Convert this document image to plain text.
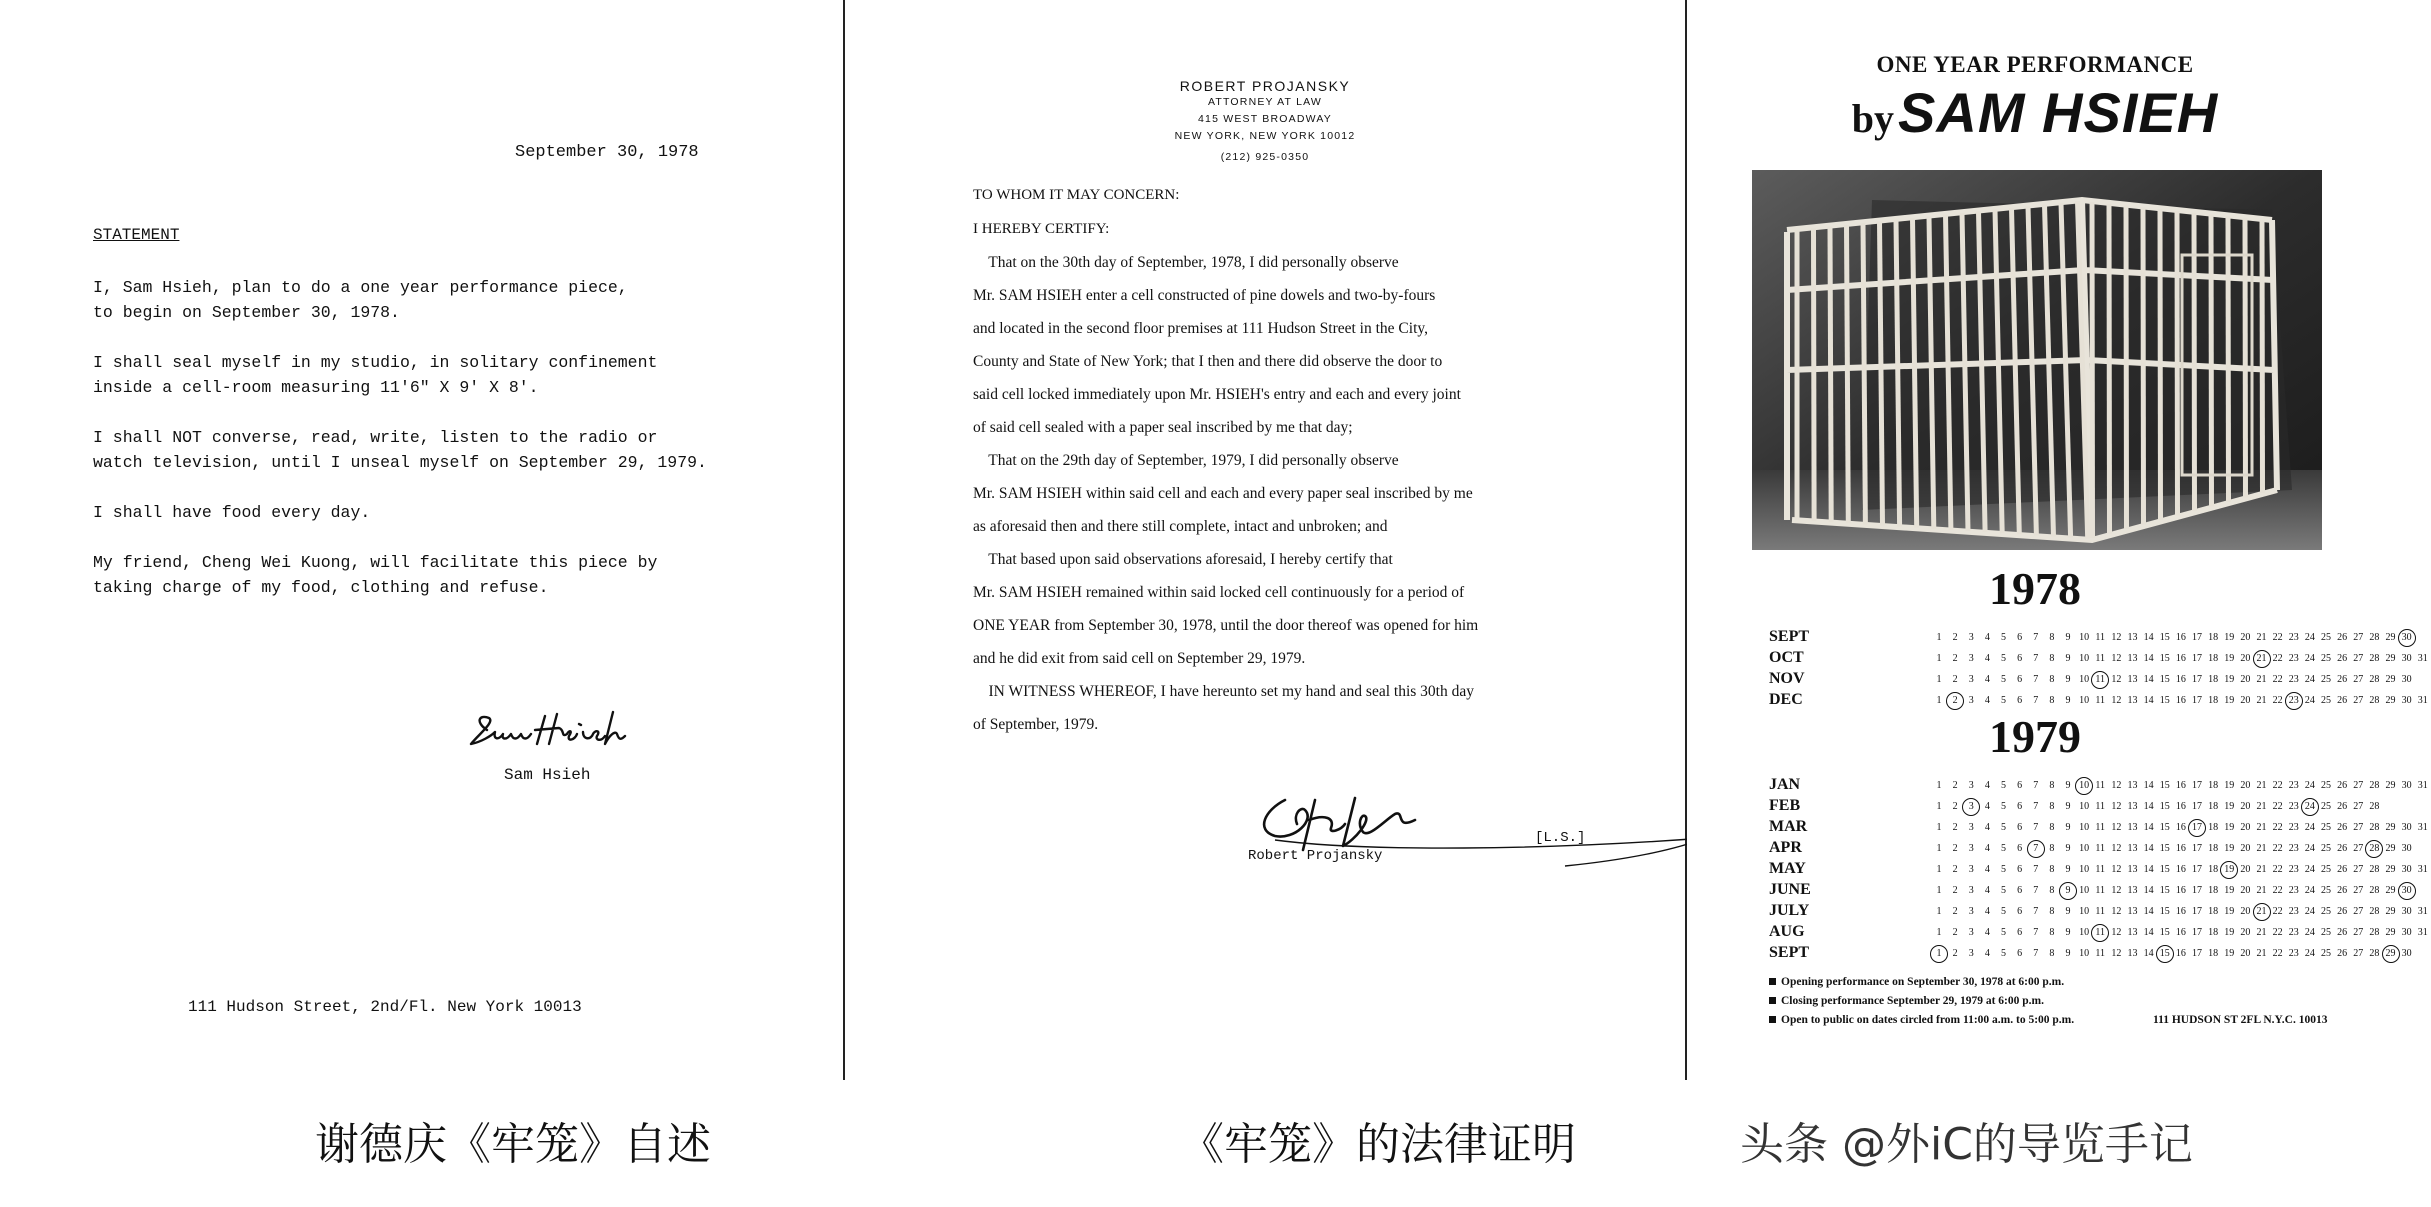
September 30, 1978
STATEMENT
I, Sam Hsieh, plan to do a one year performance piece,
to begin on September 30, 1978.
I shall seal myself in my studio, in solitary confinement
inside a cell-room measuring 11'6" X 9' X 8'.
I shall NOT converse, read, write, listen to the radio or
watch television, until I unseal myself on September 29, 1979.
I shall have food every day.
My friend, Cheng Wei Kuong, will facilitate this piece by
taking charge of my food, clothing and refuse.
Sam Hsieh
111 Hudson Street, 2nd/Fl. New York 10013
ROBERT PROJANSKY
ATTORNEY AT LAW
415 WEST BROADWAY
NEW YORK, NEW YORK 10012
(212) 925-0350
TO WHOM IT MAY CONCERN:
I HEREBY CERTIFY:
That on the 30th day of September, 1978, I did personally observe
Mr. SAM HSIEH enter a cell constructed of pine dowels and two-by-fours
and located in the second floor premises at 111 Hudson Street in the City,
County and State of New York; that I then and there did observe the door to
said cell locked immediately upon Mr. HSIEH's entry and each and every joint
of said cell sealed with a paper seal inscribed by me that day;
That on the 29th day of September, 1979, I did personally observe
Mr. SAM HSIEH within said cell and each and every paper seal inscribed by me
as aforesaid then and there still complete, intact and unbroken; and
That based upon said observations aforesaid, I hereby certify that
Mr. SAM HSIEH remained within said locked cell continuously for a period of
ONE YEAR from September 30, 1978, until the door thereof was opened for him
and he did exit from said cell on September 29, 1979.
IN WITNESS WHEREOF, I have hereunto set my hand and seal this 30th day
of September, 1979.
Robert Projansky
[L.S.]
ONE YEAR PERFORMANCE
by SAM HSIEH
1978
SEPT	1	2	3	4	5	6	7	8	9 10 11 12 13 14 15 16 17 18 19 20 21 22 23 24 25 26 27 28 29 30
OCT	1	2	3	4	5	6	7	8	9 10 11 12 13 14 15 16 17 18 19 20 21 22 23 24 25 26 27 28 29 30 31
NOV	1	2	3	4	5	6	7	8	9 10 11 12 13 14 15 16 17 18 19 20 21 22 23 24 25 26 27 28 29 30
DEC	1	2	3	4	5	6	7	8	9 10 11 12 13 14 15 16 17 18 19 20 21 22 23 24 25 26 27 28 29 30 31
1979
JAN	1	2	3	4	5	6	7	8	9 10 11 12 13 14 15 16 17 18 19 20 21 22 23 24 25 26 27 28 29 30 31
FEB	1	2	3	4	5	6	7	8	9 10 11 12 13 14 15 16 17 18 19 20 21 22 23 24 25 26 27 28
MAR	1	2	3	4	5	6	7	8	9 10 11 12 13 14 15 16 17 18 19 20 21 22 23 24 25 26 27 28 29 30 31
APR	1	2	3	4	5	6	7	8	9 10 11 12 13 14 15 16 17 18 19 20 21 22 23 24 25 26 27 28 29 30
MAY	1	2	3	4	5	6	7	8	9 10 11 12 13 14 15 16 17 18 19 20 21 22 23 24 25 26 27 28 29 30 31
JUNE	1	2	3	4	5	6	7	8	9 10 11 12 13 14 15 16 17 18 19 20 21 22 23 24 25 26 27 28 29 30
JULY	1	2	3	4	5	6	7	8	9 10 11 12 13 14 15 16 17 18 19 20 21 22 23 24 25 26 27 28 29 30 31
AUG	1	2	3	4	5	6	7	8	9 10 11 12 13 14 15 16 17 18 19 20 21 22 23 24 25 26 27 28 29 30 31
SEPT	1	2	3	4	5	6	7	8	9 10 11 12 13 14 15 16 17 18 19 20 21 22 23 24 25 26 27 28 29 30
Opening performance on September 30, 1978 at 6:00 p.m.
Closing performance September 29, 1979 at 6:00 p.m.
Open to public on dates circled from 11:00 a.m. to 5:00 p.m.	111 HUDSON ST 2FL N.Y.C. 10013
谢德庆《牢笼》自述	《牢笼》的法律证明	头条 @外iC的导览手记
